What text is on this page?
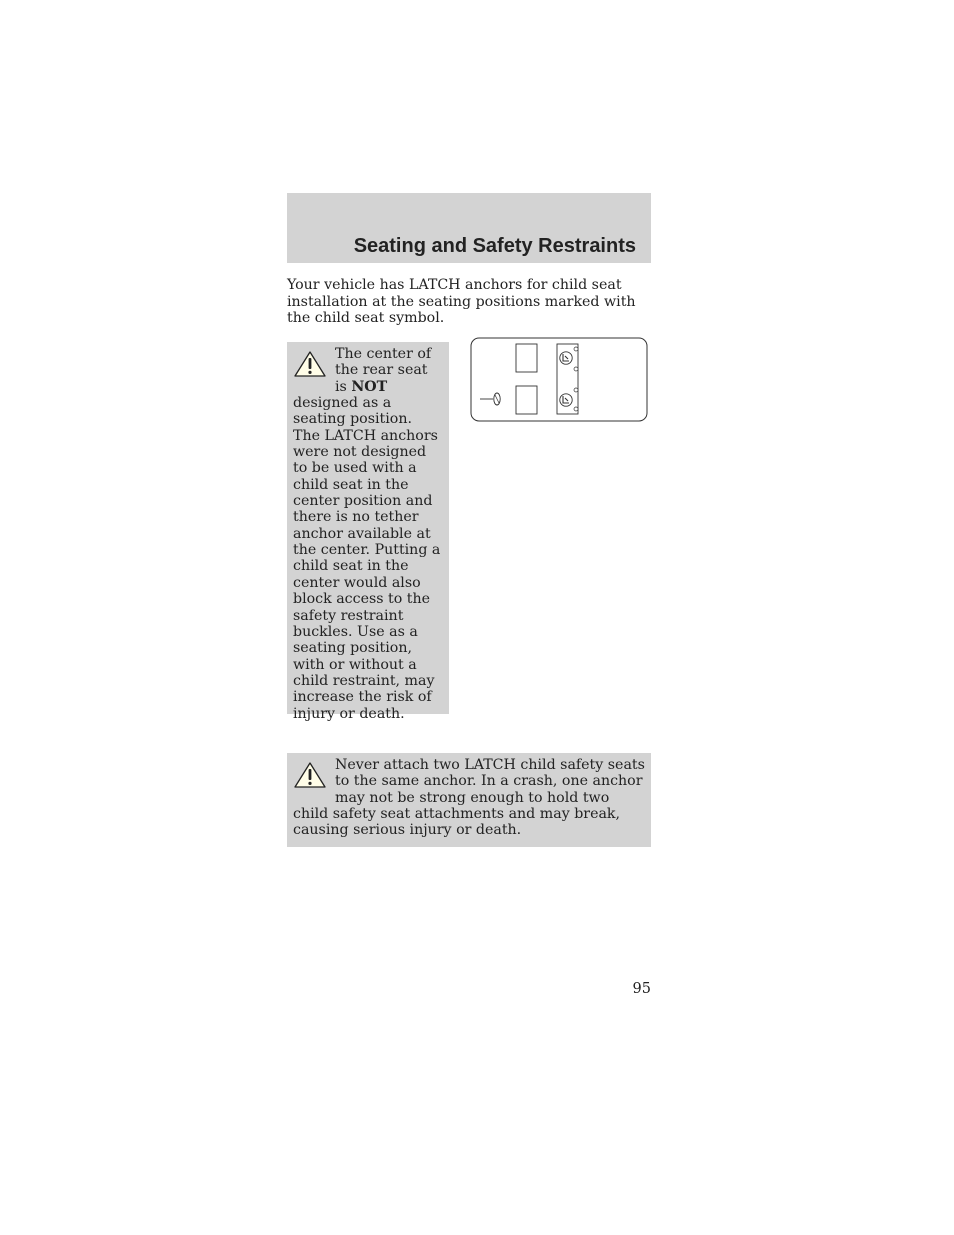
Seating and Safety Restraints

Your vehicle has LATCH anchors for child seat installation at the seating positions marked with the child seat symbol.

The center of the rear seat is NOT designed as a seating position. The LATCH anchors were not designed to be used with a child seat in the center position and there is no tether anchor available at the center. Putting a child seat in the center would also block access to the safety restraint buckles. Use as a seating position, with or without a child restraint, may increase the risk of injury or death.

Never attach two LATCH child safety seats to the same anchor. In a crash, one anchor may not be strong enough to hold two child safety seat attachments and may break, causing serious injury or death.

95
